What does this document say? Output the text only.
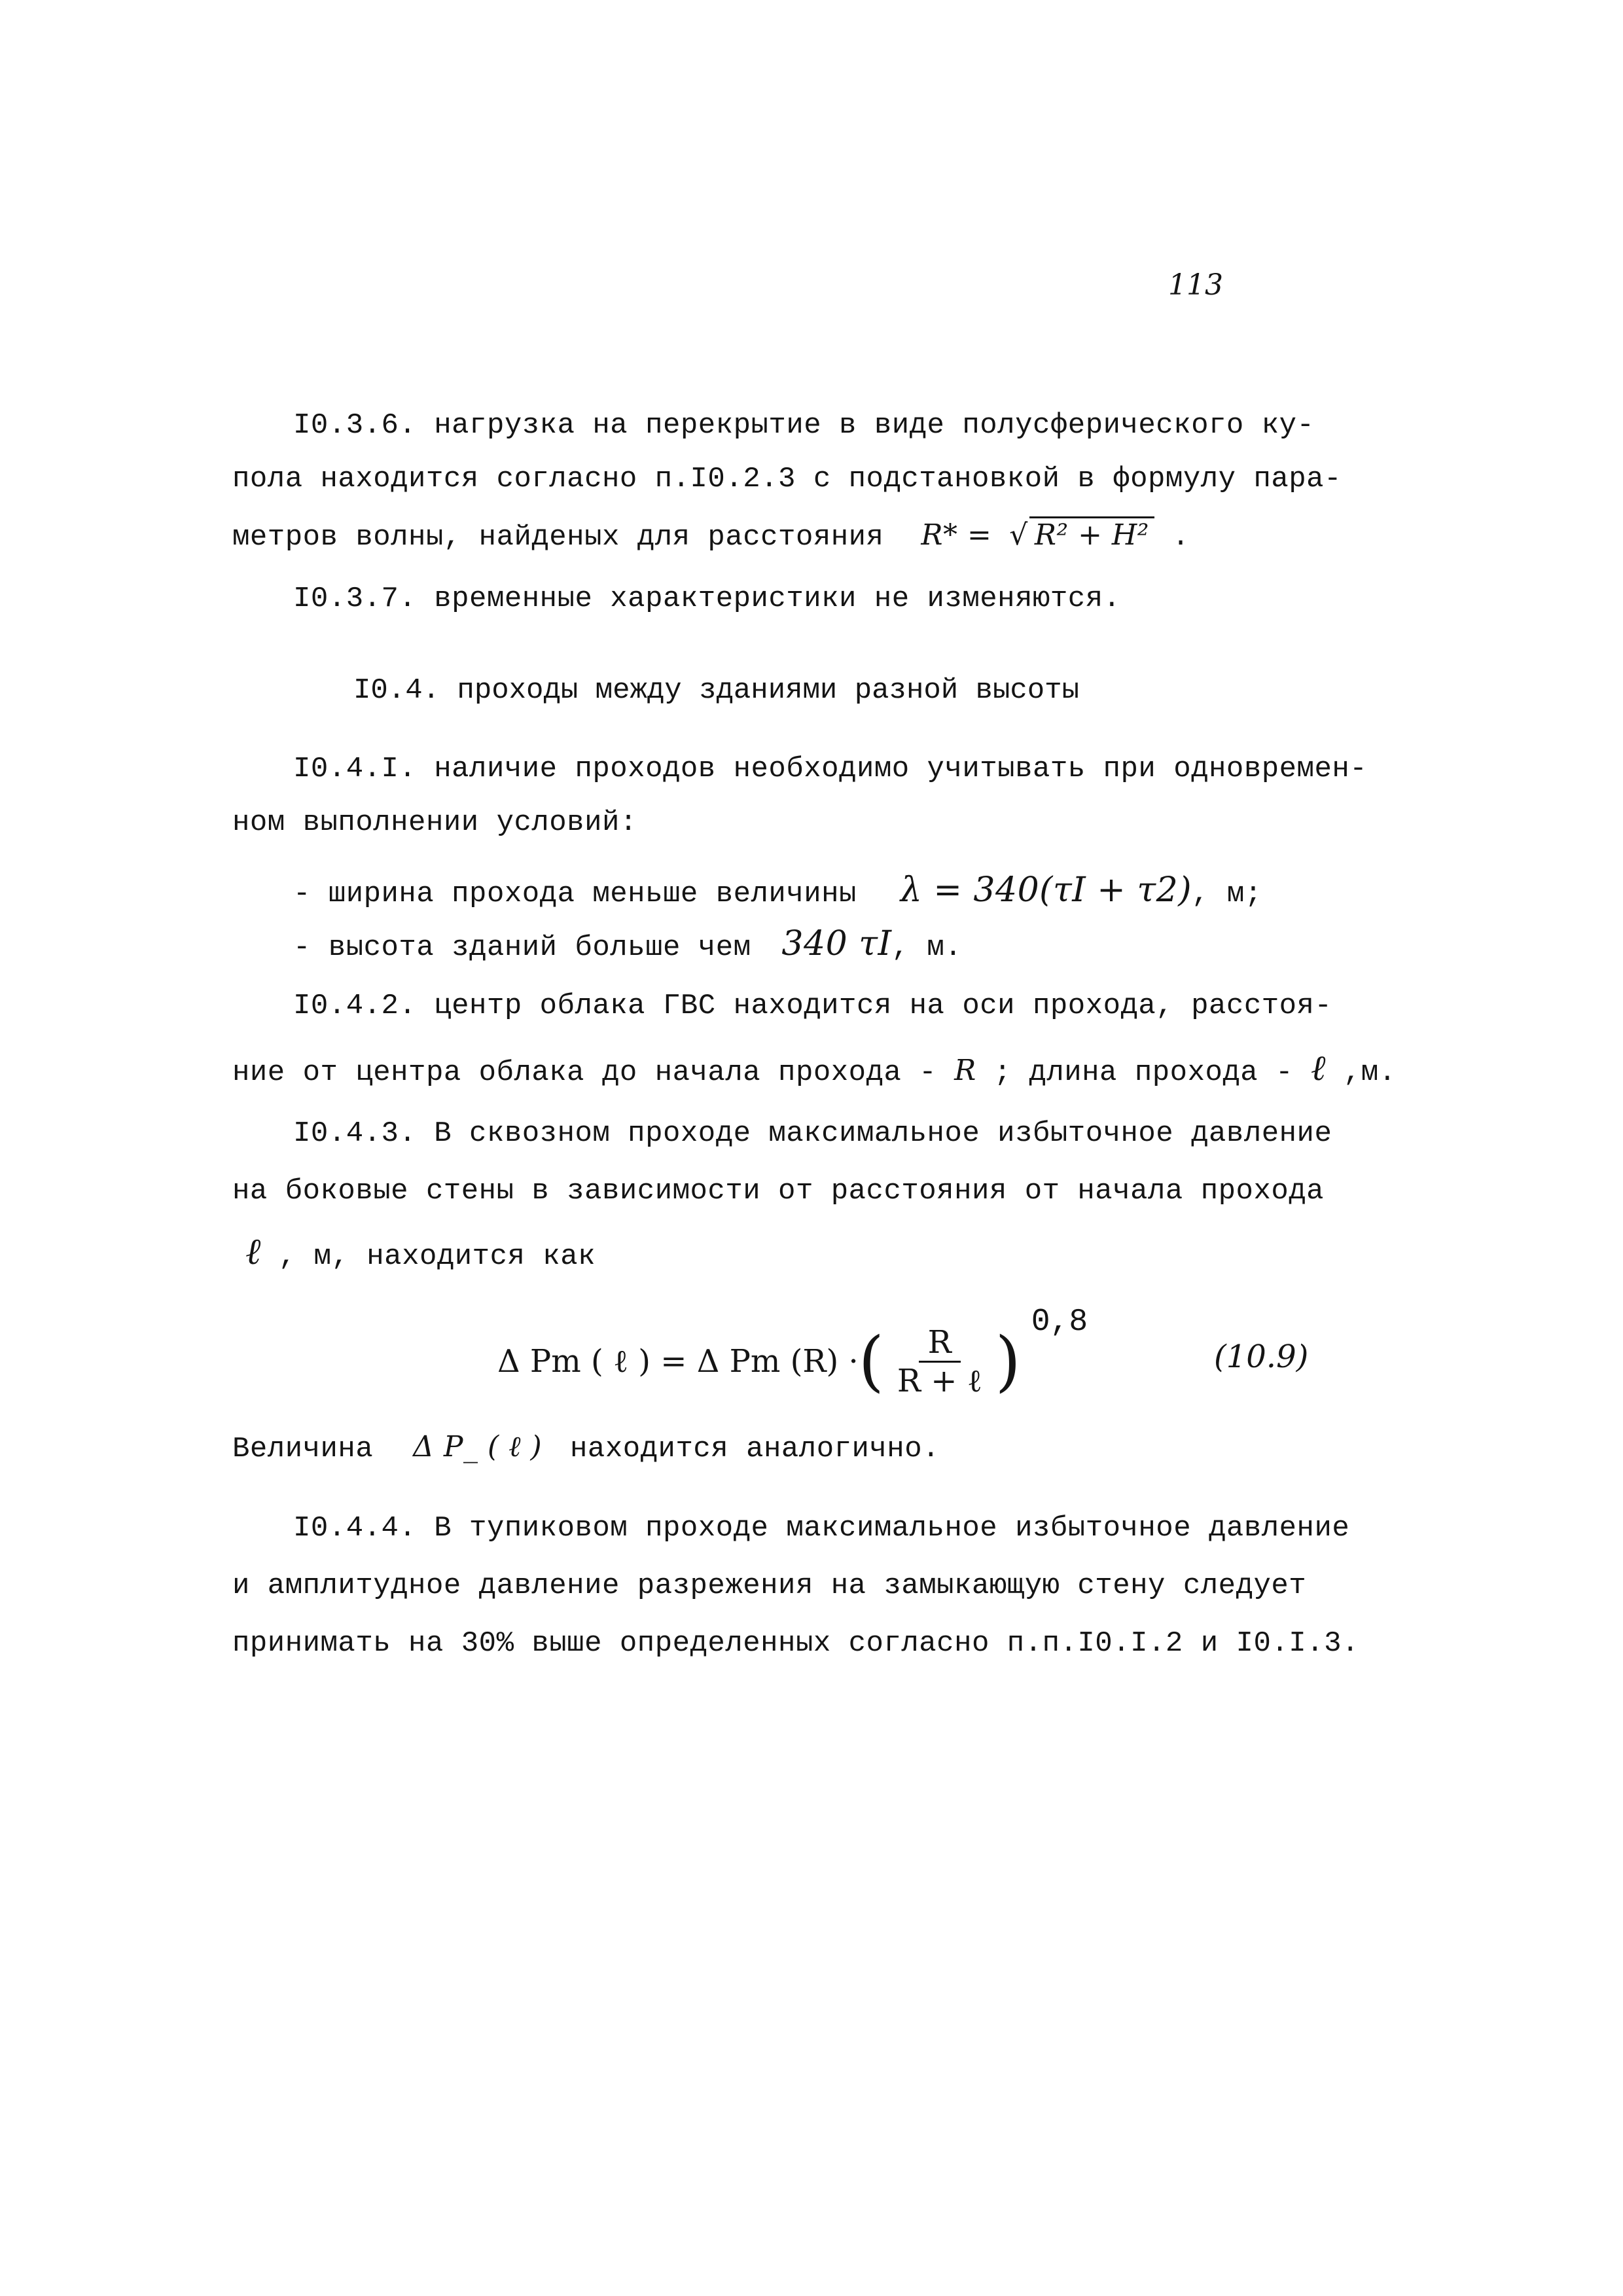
113
I0.3.6. нагрузка на перекрытие в виде полусферического ку-
пола находится согласно п.I0.2.3 с подстановкой в формулу пара-
метров волны, найденых для расстояния R* = √ R² + H² .
I0.3.7. временные характеристики не изменяются.
I0.4. проходы между зданиями разной высоты
I0.4.I. наличие проходов необходимо учитывать при одновремен-
ном выполнении условий:
- ширина прохода меньше величины λ = 340(τI + τ2), м;
- высота зданий больше чем 340 τI, м.
I0.4.2. центр облака ГВС находится на оси прохода, расстоя-
ние от центра облака до начала прохода - R ; длина прохода - ℓ ,м.
I0.4.3. В сквозном проходе максимальное избыточное давление
на боковые стены в зависимости от расстояния от начала прохода
ℓ , м, находится как
Δ Pm ( ℓ ) = Δ Pm (R) · ( $\frac{R}{\text{R + ℓ}}$ )
0,8
(10.9)
Величина Δ P_ ( ℓ ) находится аналогично.
I0.4.4. В тупиковом проходе максимальное избыточное давление
и амплитудное давление разрежения на замыкающую стену следует
принимать на 30% выше определенных согласно п.п.I0.I.2 и I0.I.3.
